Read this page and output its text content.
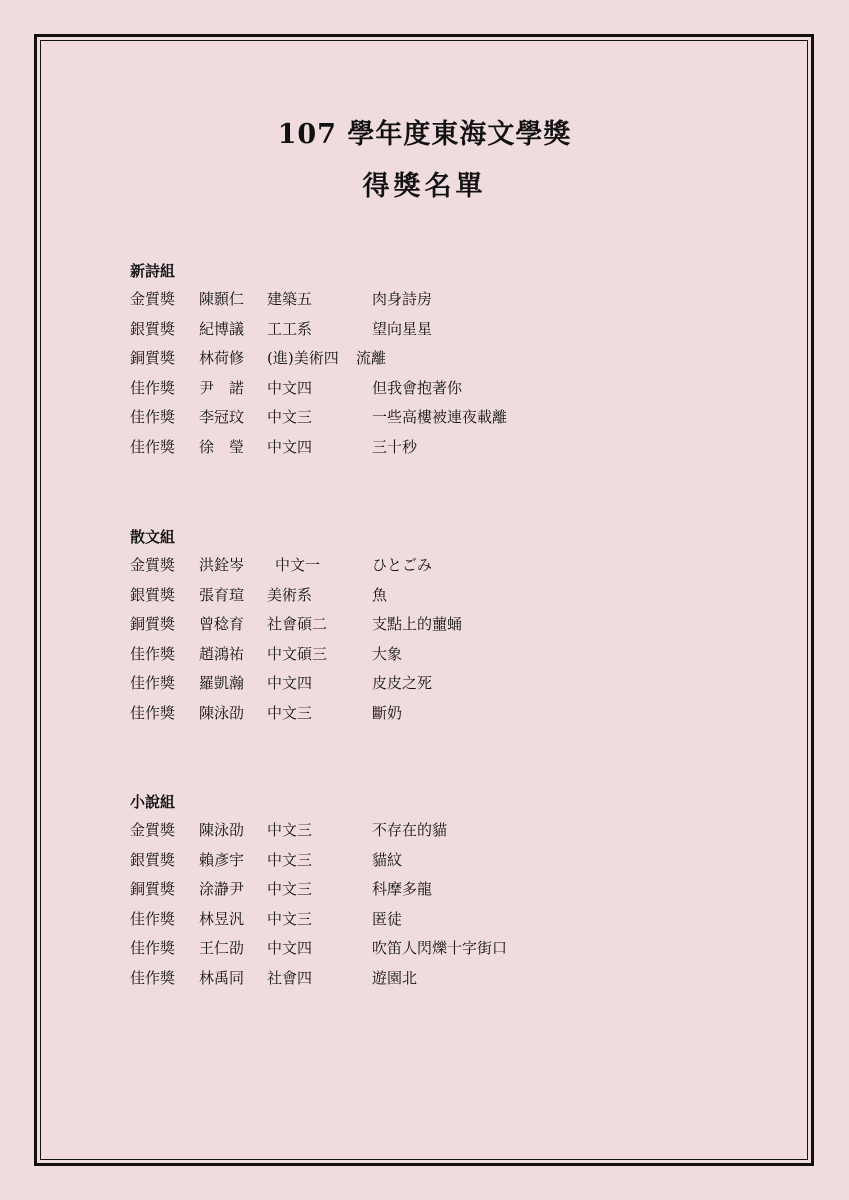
107 學年度東海文學獎
得獎名單
新詩組
金質獎 陳顥仁 建築五	肉身詩房
銀質獎 紀博議 工工系	望向星星
銅質獎 林荷修 (進)美術四 流離
佳作獎 尹　諾 中文四	但我會抱著你
佳作獎 李冠玟 中文三	一些高樓被連夜載離
佳作獎 徐　瑩 中文四	三十秒
散文組
金質獎 洪銓岑 中文一	ひとごみ
銀質獎 張育瑄 美術系	魚
銅質獎 曾稔育 社會碩二	支點上的蘁蛹
佳作獎 趙鴻祐 中文碩三	大象
佳作獎 羅凱瀚 中文四	皮皮之死
佳作獎 陳泳劭 中文三	斷奶
小說組
金質獎 陳泳劭 中文三	不存在的貓
銀質獎 賴彥宇 中文三	貓紋
銅質獎 涂瀞尹 中文三	科摩多龍
佳作獎 林昱汎 中文三	匿徒
佳作獎 王仁劭 中文四	吹笛人閃爍十字街口
佳作獎 林禹同 社會四	遊園北
